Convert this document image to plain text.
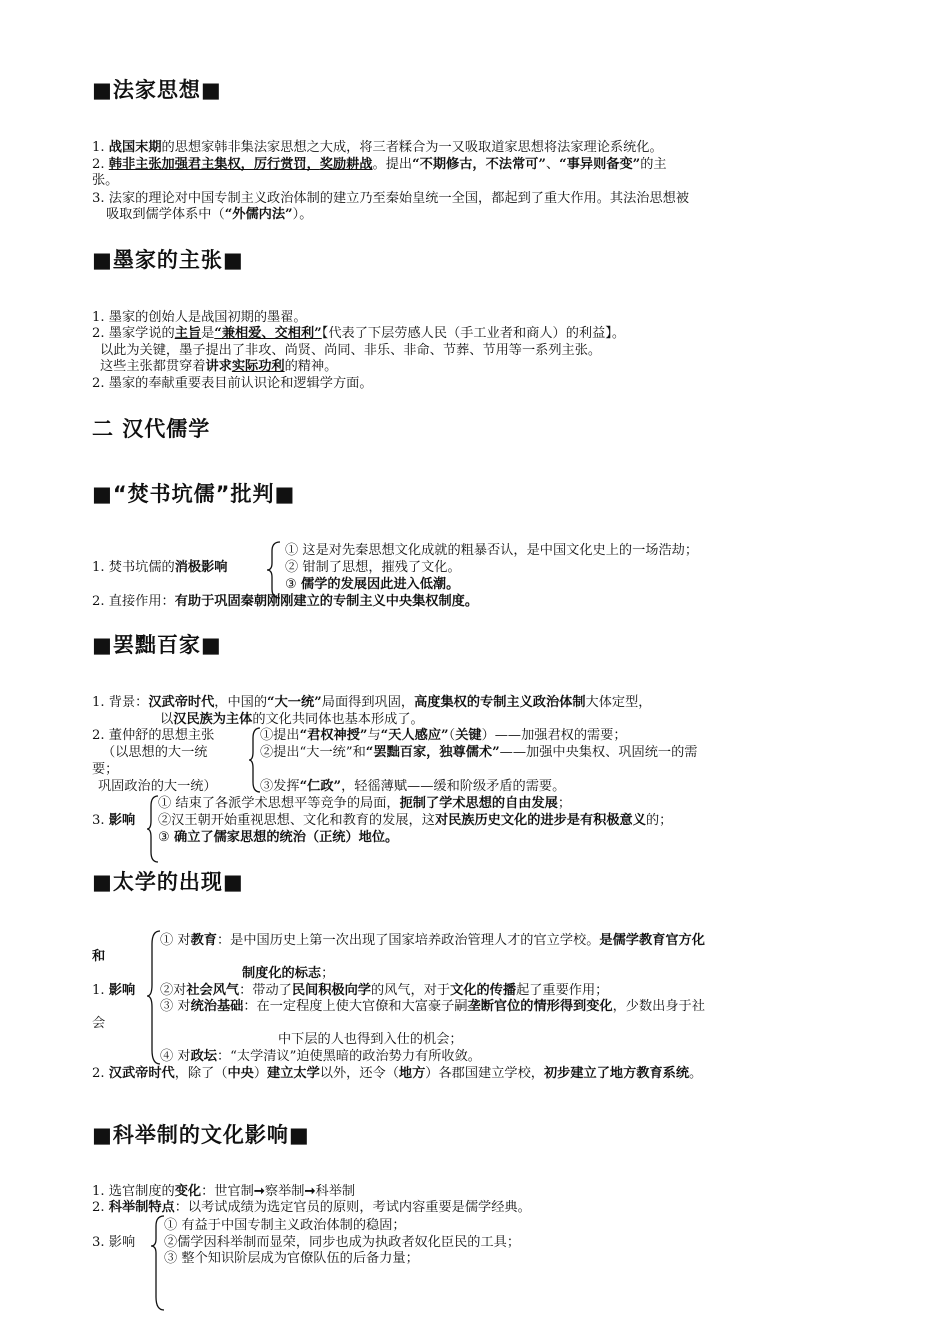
■法家思想■
1. 战国末期的思想家韩非集法家思想之大成，将三者糅合为一又吸取道家思想将法家理论系统化。
2. 韩非主张加强君主集权，厉行赏罚，奖励耕战。提出“不期修古，不法常可”、“事异则备变”的主
张。
3. 法家的理论对中国专制主义政治体制的建立乃至秦始皇统一全国，都起到了重大作用。其法治思想被
吸取到儒学体系中（“外儒内法”）。
■墨家的主张■
1. 墨家的创始人是战国初期的墨翟。
2. 墨家学说的主旨是“兼相爱、交相利”【代表了下层劳感人民（手工业者和商人）的利益】。
以此为关键，墨子提出了非攻、尚贤、尚同、非乐、非命、节葬、节用等一系列主张。
这些主张都贯穿着讲求实际功利的精神。
2. 墨家的奉献重要表目前认识论和逻辑学方面。
二 汉代儒学
■“焚书坑儒”批判■
1. 焚书坑儒的消极影响
① 这是对先秦思想文化成就的粗暴否认，是中国文化史上的一场浩劫；
② 钳制了思想，摧残了文化。
③ 儒学的发展因此进入低潮。
2. 直接作用：有助于巩固秦朝刚刚建立的专制主义中央集权制度。
■罢黜百家■
1. 背景：汉武帝时代，中国的“大一统”局面得到巩固，高度集权的专制主义政治体制大体定型，
以汉民族为主体的文化共同体也基本形成了。
2. 董仲舒的思想主张
（以思想的大一统
要；
巩固政治的大一统）
①提出“君权神授”与“天人感应”（关键）——加强君权的需要；
②提出“大一统”和“罢黜百家，独尊儒术”——加强中央集权、巩固统一的需
③发挥“仁政”，轻徭薄赋——缓和阶级矛盾的需要。
3. 影响
① 结束了各派学术思想平等竞争的局面，扼制了学术思想的自由发展；
②汉王朝开始重视思想、文化和教育的发展，这对民族历史文化的进步是有积极意义的；
③ 确立了儒家思想的统治（正统）地位。
■太学的出现■
① 对教育：是中国历史上第一次出现了国家培养政治管理人才的官立学校。是儒学教育官方化
和
制度化的标志；
1. 影响 ②对社会风气：带动了民间积极向学的风气，对于文化的传播起了重要作用；
③ 对统治基础：在一定程度上使大官僚和大富豪子嗣垄断官位的情形得到变化，少数出身于社
会
中下层的人也得到入仕的机会；
④ 对政坛：“太学清议”迫使黑暗的政治势力有所收敛。
2. 汉武帝时代，除了（中央）建立太学以外，还令（地方）各郡国建立学校，初步建立了地方教育系统。
■科举制的文化影响■
1. 选官制度的变化：世官制➞察举制➞科举制
2. 科举制特点：以考试成绩为选定官员的原则，考试内容重要是儒学经典。
3. 影响
① 有益于中国专制主义政治体制的稳固；
②儒学因科举制而显荣，同步也成为执政者奴化臣民的工具；
③ 整个知识阶层成为官僚队伍的后备力量；
